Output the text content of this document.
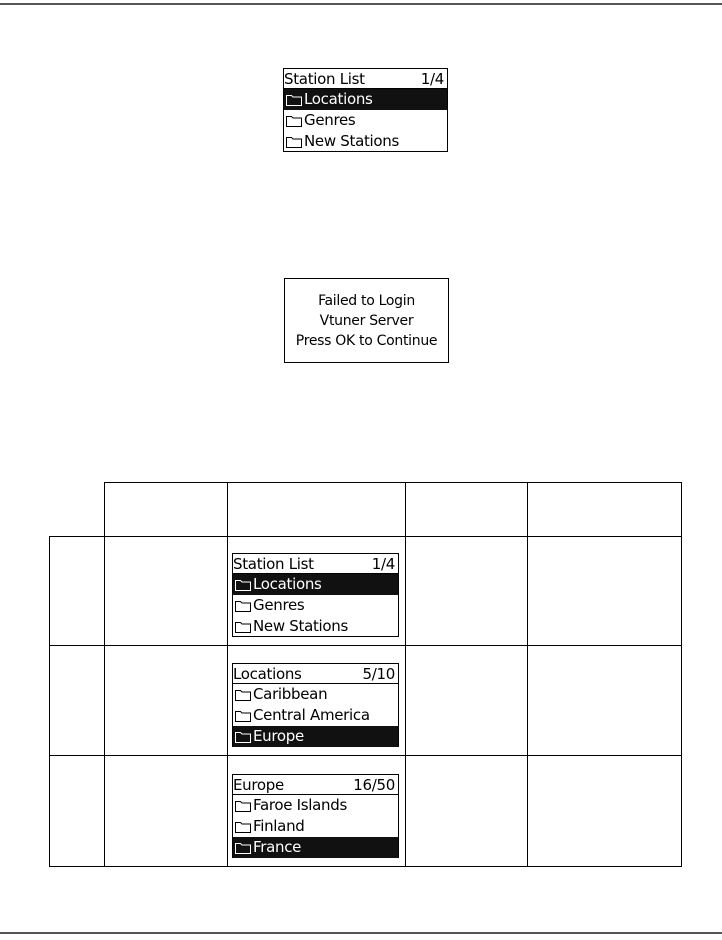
Station List	1/4
Locations
Genres
New Stations
Failed to Login
Vtuner Server
Press OK to Continue
Station List	1/4
Locations
Genres
New Stations
Locations	5/10
Caribbean
Central America
Europe
Europe	16/50
Faroe Islands
Finland
France
